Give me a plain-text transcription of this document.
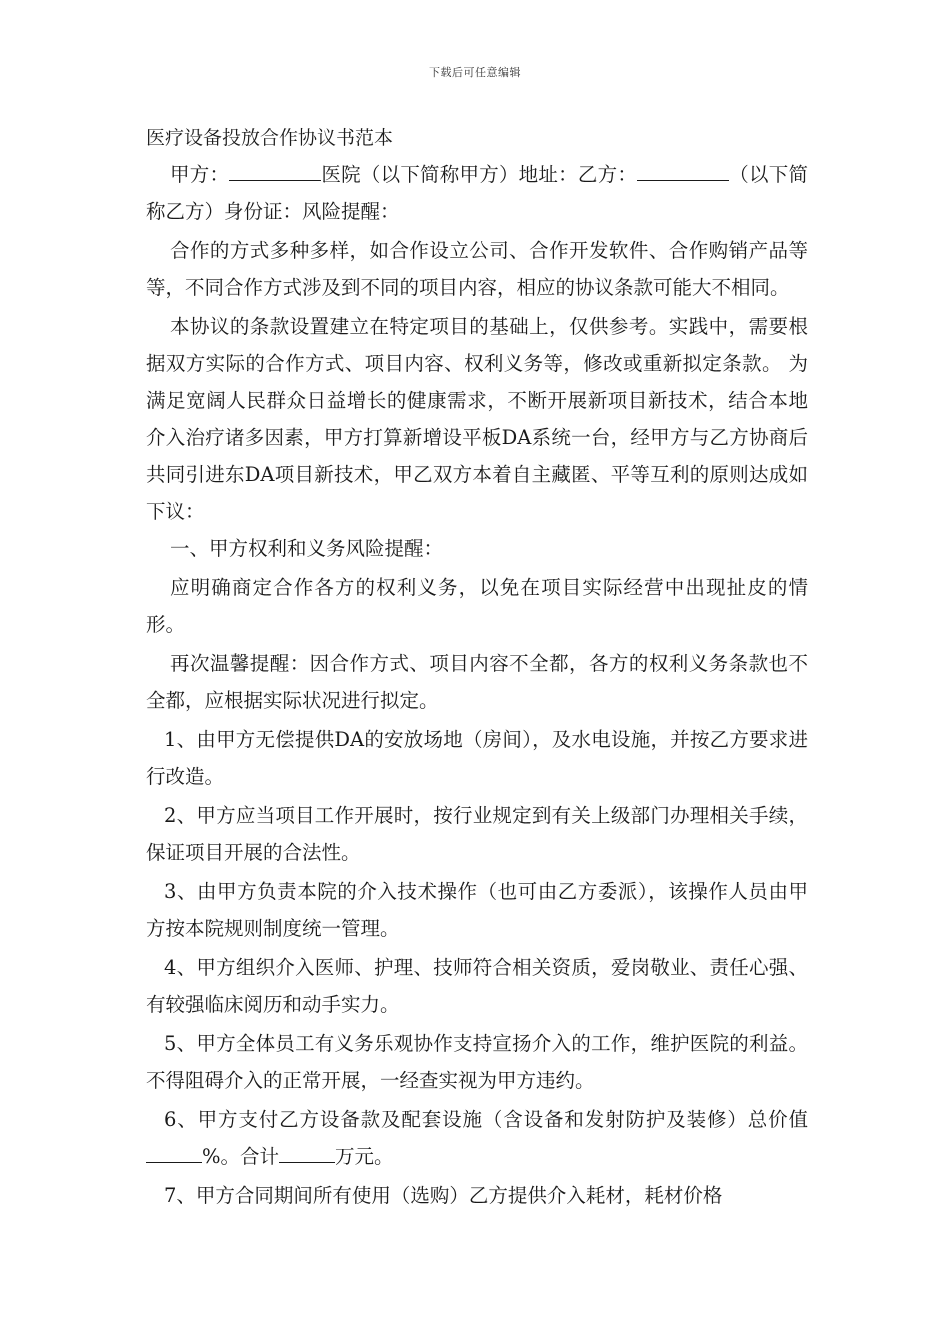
下载后可任意编辑

医疗设备投放合作协议书范本

甲方：	医院（以下简称甲方）地址：乙方：	（以下简称乙方）身份证：风险提醒：

合作的方式多种多样，如合作设立公司、合作开发软件、合作购销产品等等，不同合作方式涉及到不同的项目内容，相应的协议条款可能大不相同。

本协议的条款设置建立在特定项目的基础上，仅供参考。实践中，需要根据双方实际的合作方式、项目内容、权利义务等，修改或重新拟定条款。 为满足宽阔人民群众日益增长的健康需求，不断开展新项目新技术，结合本地介入治疗诸多因素，甲方打算新增设平板DA系统一台，经甲方与乙方协商后共同引进东DA项目新技术，甲乙双方本着自主藏匿、平等互利的原则达成如下议：

一、甲方权利和义务风险提醒：

应明确商定合作各方的权利义务，以免在项目实际经营中出现扯皮的情形。

再次温馨提醒：因合作方式、项目内容不全都，各方的权利义务条款也不全都，应根据实际状况进行拟定。

1、由甲方无偿提供DA的安放场地（房间），及水电设施，并按乙方要求进行改造。

2、甲方应当项目工作开展时，按行业规定到有关上级部门办理相关手续，保证项目开展的合法性。

3、由甲方负责本院的介入技术操作（也可由乙方委派），该操作人员由甲方按本院规则制度统一管理。

4、甲方组织介入医师、护理、技师符合相关资质，爱岗敬业、责任心强、有较强临床阅历和动手实力。

5、甲方全体员工有义务乐观协作支持宣扬介入的工作，维护医院的利益。不得阻碍介入的正常开展，一经查实视为甲方违约。

6、甲方支付乙方设备款及配套设施（含设备和发射防护及装修）总价值%。合计	万元。

7、甲方合同期间所有使用（选购）乙方提供介入耗材，耗材价格
